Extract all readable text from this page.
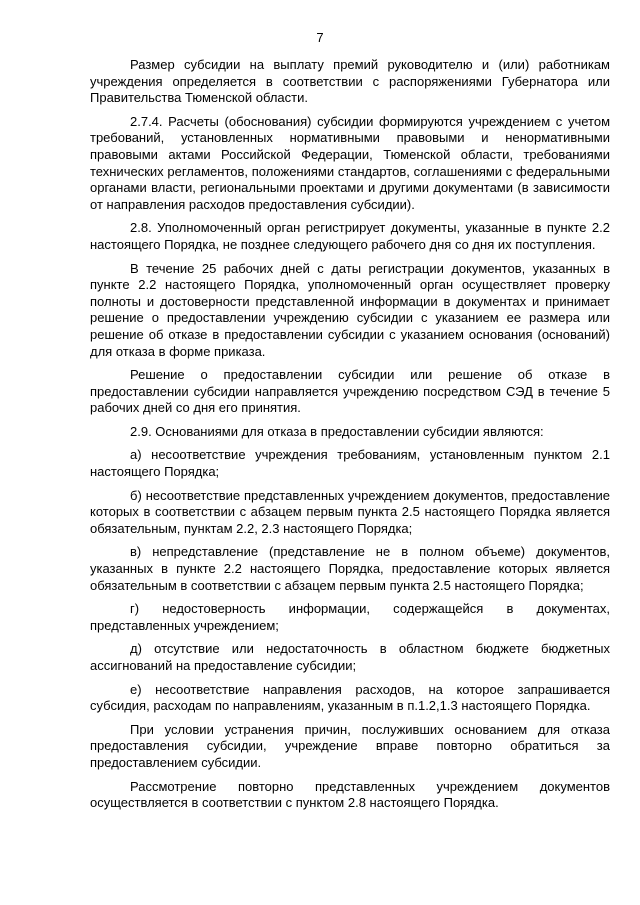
7

Размер субсидии на выплату премий руководителю и (или) работникам учреждения определяется в соответствии с распоряжениями Губернатора или Правительства Тюменской области.

2.7.4. Расчеты (обоснования) субсидии формируются учреждением с учетом требований, установленных нормативными правовыми и ненормативными правовыми актами Российской Федерации, Тюменской области, требованиями технических регламентов, положениями стандартов, соглашениями с федеральными органами власти, региональными проектами и другими документами (в зависимости от направления расходов предоставления субсидии).

2.8. Уполномоченный орган регистрирует документы, указанные в пункте 2.2 настоящего Порядка, не позднее следующего рабочего дня со дня их поступления.

В течение 25 рабочих дней с даты регистрации документов, указанных в пункте 2.2 настоящего Порядка, уполномоченный орган осуществляет проверку полноты и достоверности представленной информации в документах и принимает решение о предоставлении учреждению субсидии с указанием ее размера или решение об отказе в предоставлении субсидии с указанием основания (оснований) для отказа в форме приказа.

Решение о предоставлении субсидии или решение об отказе в предоставлении субсидии направляется учреждению посредством СЭД в течение 5 рабочих дней со дня его принятия.

2.9. Основаниями для отказа в предоставлении субсидии являются:

а) несоответствие учреждения требованиям, установленным пунктом 2.1 настоящего Порядка;

б) несоответствие представленных учреждением документов, предоставление которых в соответствии с абзацем первым пункта 2.5 настоящего Порядка является обязательным, пунктам 2.2, 2.3 настоящего Порядка;

в) непредставление (представление не в полном объеме) документов, указанных в пункте 2.2 настоящего Порядка, предоставление которых является обязательным в соответствии с абзацем первым пункта 2.5 настоящего Порядка;

г) недостоверность информации, содержащейся в документах, представленных учреждением;

д) отсутствие или недостаточность в областном бюджете бюджетных ассигнований на предоставление субсидии;

е) несоответствие направления расходов, на которое запрашивается субсидия, расходам по направлениям, указанным в п.1.2,1.3 настоящего Порядка.

При условии устранения причин, послуживших основанием для отказа предоставления субсидии, учреждение вправе повторно обратиться за предоставлением субсидии.

Рассмотрение повторно представленных учреждением документов осуществляется в соответствии с пунктом 2.8 настоящего Порядка.
